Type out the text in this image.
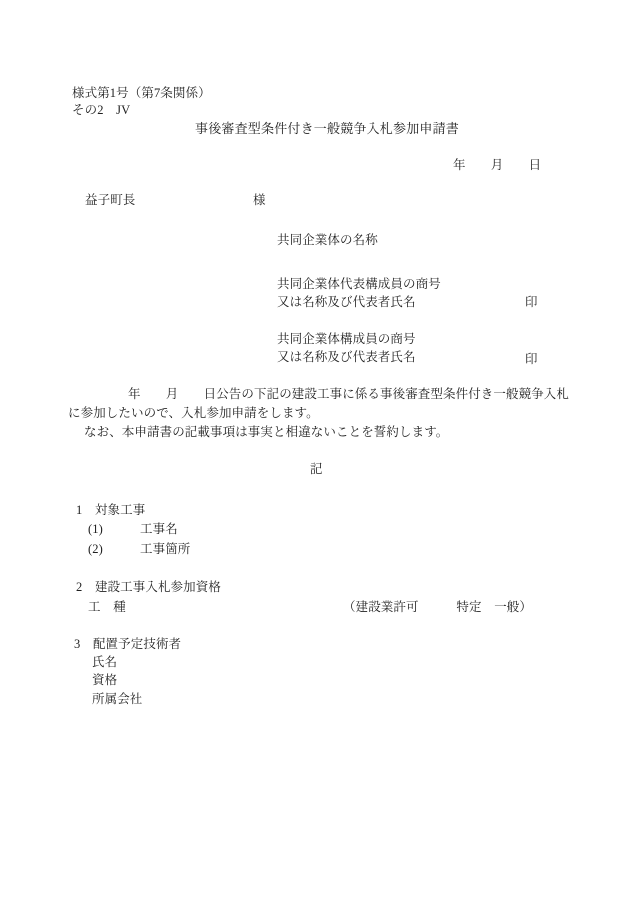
様式第1号（第7条関係）
その2　JV
事後審査型条件付き一般競争入札参加申請書
年　　月　　日
益子町長	様
共同企業体の名称
共同企業体代表構成員の商号
又は名称及び代表者氏名	印
共同企業体構成員の商号
又は名称及び代表者氏名	印
年　　月　　日公告の下記の建設工事に係る事後審査型条件付き一般競争入札
に参加したいので、入札参加申請をします。
なお、本申請書の記載事項は事実と相違ないことを誓約します。
記
1　対象工事
(1)	工事名
(2)	工事箇所
2　建設工事入札参加資格
工　種	（建設業許可　　　特定　一般）
3　配置予定技術者
氏名
資格
所属会社
